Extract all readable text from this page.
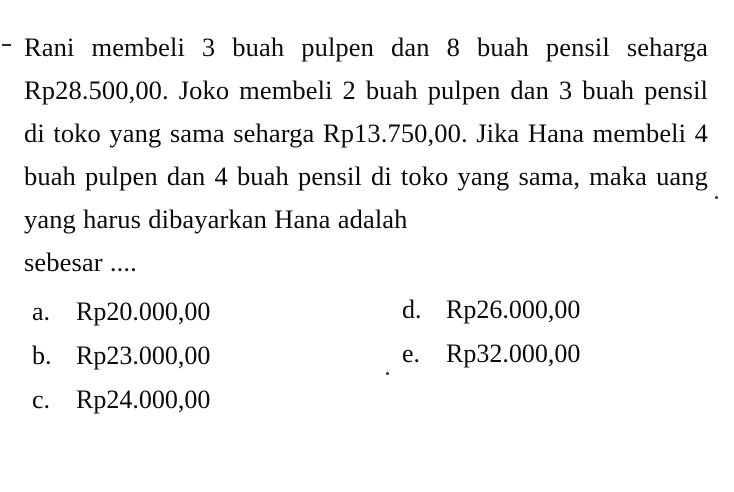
Rani membeli 3 buah pulpen dan 8 buah pensil seharga Rp28.500,00. Joko membeli 2 buah pulpen dan 3 buah pensil di toko yang sama seharga Rp13.750,00. Jika Hana membeli 4 buah pulpen dan 4 buah pensil di toko yang sama, maka uang yang harus dibayarkan Hana adalah
sebesar ....
a. Rp20.000,00
b. Rp23.000,00
c. Rp24.000,00
d. Rp26.000,00
e. Rp32.000,00
